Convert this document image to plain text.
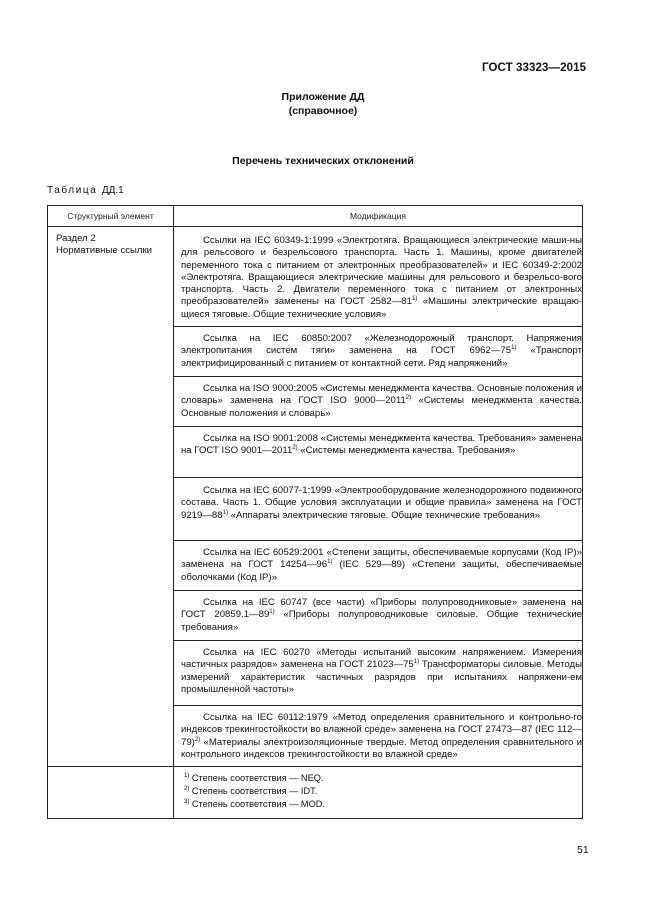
ГОСТ 33323—2015
Приложение ДД
(справочное)
Перечень технических отклонений
Таблица ДД.1
Структурный элемент	Модификация
Раздел 2
Нормативные ссылки
Ссылки на IEC 60349-1:1999 «Электротяга. Вращающиеся электрические маши-ны для рельсового и безрельсового транспорта. Часть 1. Машины, кроме двигателей переменного тока с питанием от электронных преобразователей» и IEC 60349-2:2002 «Электротяга. Вращающиеся электрические машины для рельсового и безрельсо-вого транспорта. Часть 2. Двигатели переменного тока с питанием от электронных преобразователей» заменены на ГОСТ 2582—81$^{1)}$ «Машины электрические вращаю-щиеся тяговые. Общие технические условия»
Ссылка на IEC 60850:2007 «Железнодорожный транспорт. Напряжения электропитания систем тяги» заменена на ГОСТ 6962—75$^{1)}$ «Транспорт электрифицированный с питанием от контактной сети. Ряд напряжений»
Ссылка на ISO 9000:2005 «Системы менеджмента качества. Основные положения и словарь» заменена на ГОСТ ISO 9000—2011$^{2)}$ «Системы менеджмента качества. Основные положения и словарь»
Ссылка на ISO 9001:2008 «Системы менеджмента качества. Требования» заменена на ГОСТ ISO 9001—2011$^{2)}$ «Системы менеджмента качества. Требования»
Ссылка на IEC 60077-1:1999 «Электрооборудование железнодорожного подвижного состава. Часть 1. Общие условия эксплуатации и общие правила» заменена на ГОСТ 9219—88$^{1)}$ «Аппараты электрические тяговые. Общие технические требования»
Ссылка на IEC 60529:2001 «Степени защиты, обеспечиваемые корпусами (Код IP)» заменена на ГОСТ 14254—96$^{1)}$ (IEC 529—89) «Степени защиты, обеспечиваемые оболочками (Код IP)»
Ссылка на IEC 60747 (все части) «Приборы полупроводниковые» заменена на ГОСТ 20859.1—89$^{1)}$ «Приборы полупроводниковые силовые. Общие технические требования»
Ссылка на IEC 60270 «Методы испытаний высоким напряжением. Измерения частичных разрядов» заменена на ГОСТ 21023—75$^{1)}$ Трансформаторы силовые. Методы измерений характеристик частичных разрядов при испытаниях напряжени-ем промышленной частоты»
Ссылка на IEC 60112:1979 «Метод определения сравнительного и контрольно-го индексов трекингостойкости во влажной среде» заменена на ГОСТ 27473—87 (IEC 112—79)$^{2)}$ «Материалы электроизоляционные твердые. Метод определения сравнительного и контрольного индексов трекингостойкости во влажной среде»
$^{1)}$ Степень соответствия — NEQ.
$^{2)}$ Степень соответствия — IDT.
$^{3)}$ Степень соответствия — MOD.
51
